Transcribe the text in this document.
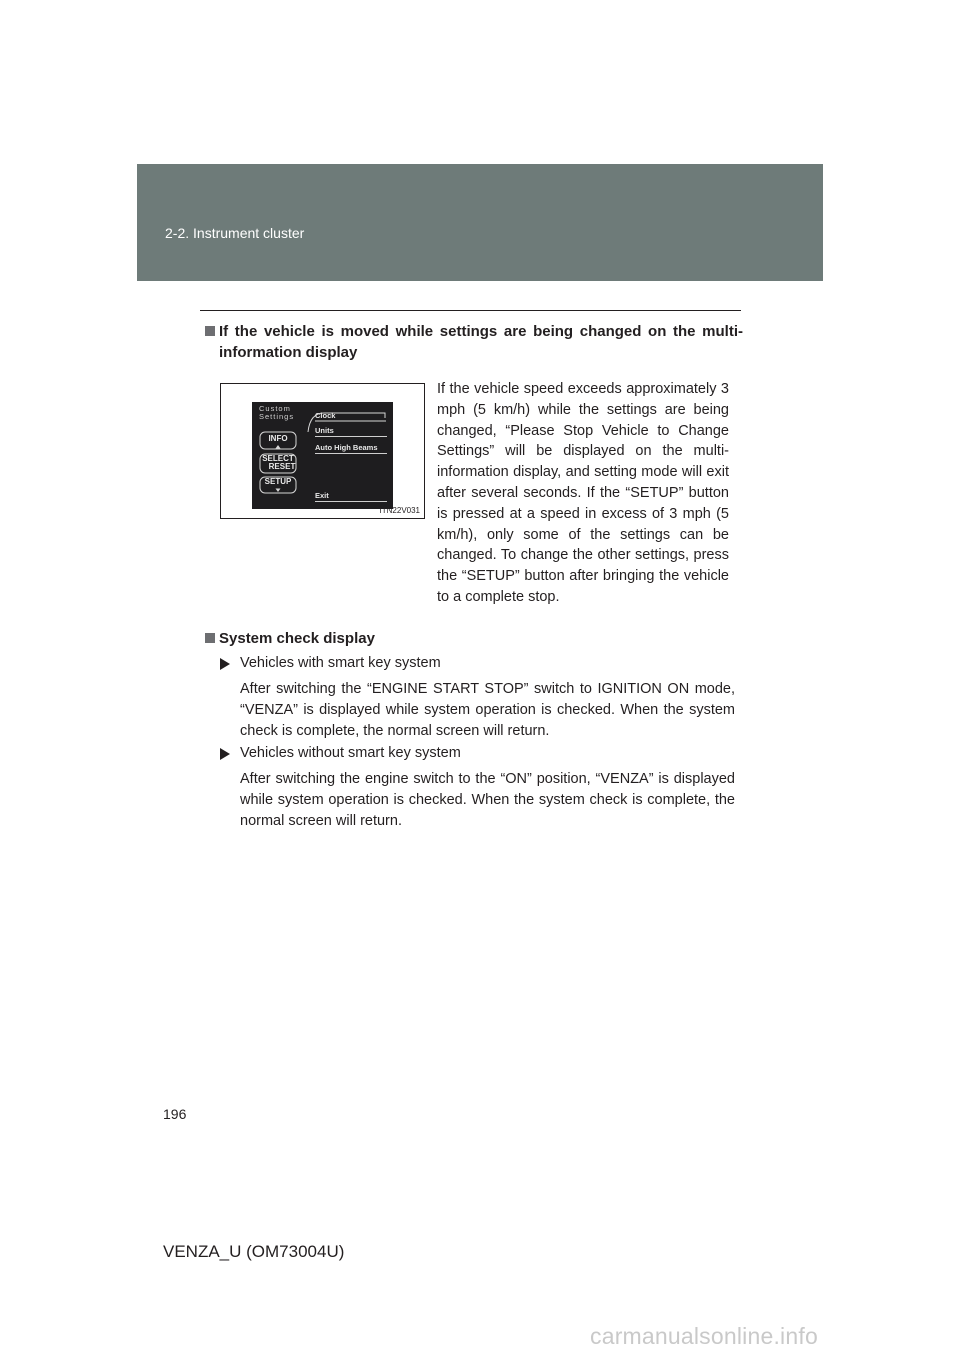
2-2. Instrument cluster
If the vehicle is moved while settings are being changed on the multi-information display
Custom
Settings
INFO
SELECT
RESET
SETUP
Clock
Units
Auto High Beams
Exit
ITN22V031

If the vehicle speed exceeds approximately 3 mph (5 km/h) while the settings are being changed, “Please Stop Vehicle to Change Settings” will be displayed on the multi-information display, and setting mode will exit after several seconds. If the “SETUP” button is pressed at a speed in excess of 3 mph (5 km/h), only some of the settings can be changed. To change the other settings, press the “SETUP” button after bringing the vehicle to a complete stop.

System check display
Vehicles with smart key system

After switching the “ENGINE START STOP” switch to IGNITION ON mode, “VENZA” is displayed while system operation is checked. When the system check is complete, the normal screen will return.

Vehicles without smart key system

After switching the engine switch to the “ON” position, “VENZA” is displayed while system operation is checked. When the system check is complete, the normal screen will return.

196
VENZA_U (OM73004U)
carmanualsonline.info
